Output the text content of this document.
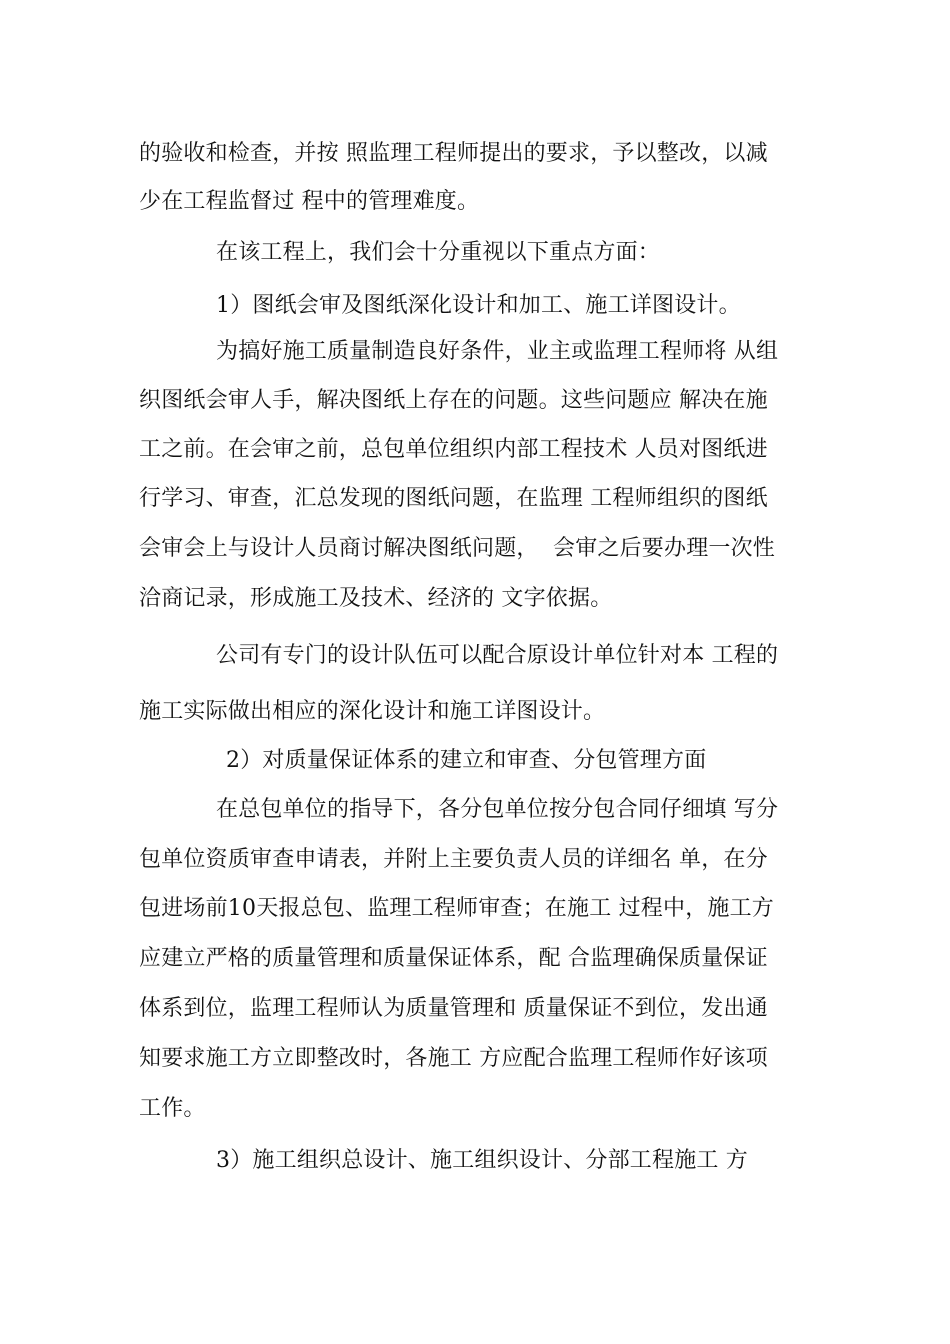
的验收和检查，并按 照监理工程师提出的要求，予以整改，以减
少在工程监督过 程中的管理难度。
在该工程上，我们会十分重视以下重点方面：
1）图纸会审及图纸深化设计和加工、施工详图设计。
为搞好施工质量制造良好条件，业主或监理工程师将 从组
织图纸会审人手，解决图纸上存在的问题。这些问题应 解决在施
工之前。在会审之前，总包单位组织内部工程技术 人员对图纸进
行学习、审查，汇总发现的图纸问题，在监理 工程师组织的图纸
会审会上与设计人员商讨解决图纸问题，  会审之后要办理一次性
洽商记录，形成施工及技术、经济的 文字依据。
公司有专门的设计队伍可以配合原设计单位针对本 工程的
施工实际做出相应的深化设计和施工详图设计。
2）对质量保证体系的建立和审查、分包管理方面
在总包单位的指导下，各分包单位按分包合同仔细填 写分
包单位资质审查申请表，并附上主要负责人员的详细名 单，在分
包进场前10天报总包、监理工程师审查；在施工 过程中，施工方
应建立严格的质量管理和质量保证体系，配 合监理确保质量保证
体系到位，监理工程师认为质量管理和 质量保证不到位，发出通
知要求施工方立即整改时，各施工 方应配合监理工程师作好该项
工作。
3）施工组织总设计、施工组织设计、分部工程施工 方
